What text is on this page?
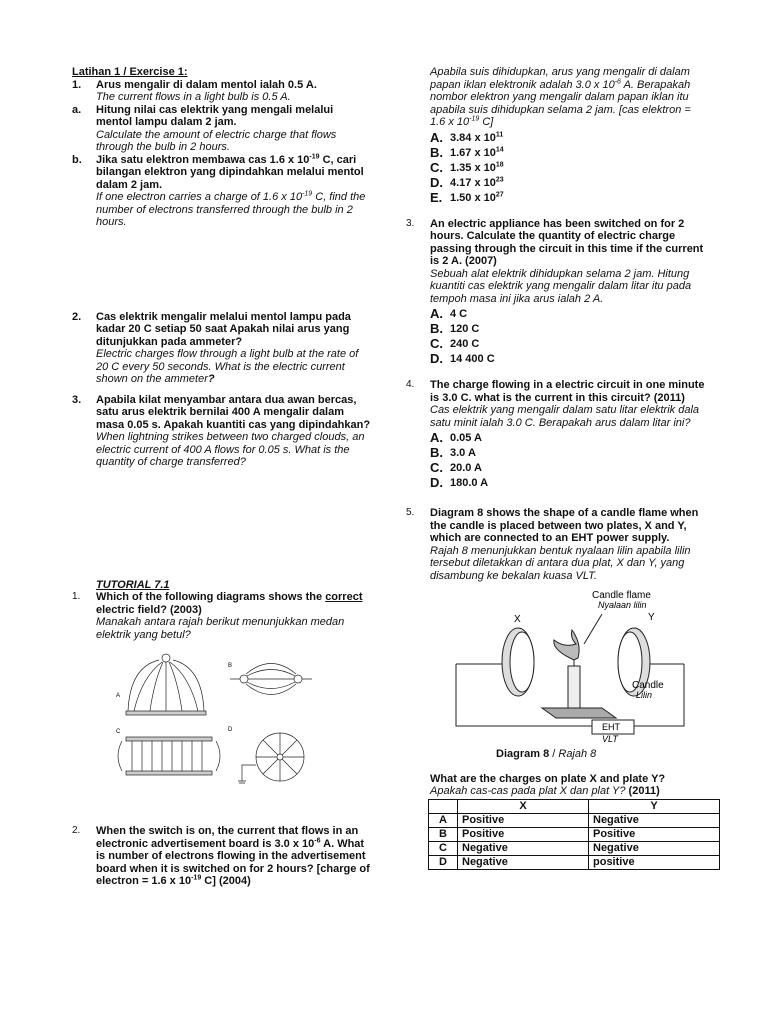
Latihan 1 / Exercise 1:
1.	Arus mengalir di dalam mentol ialah 0.5 A.
The current flows in a light bulb is 0.5 A.
a.	Hitung nilai cas elektrik yang mengali melalui mentol lampu dalam 2 jam.
Calculate the amount of electric charge that flows through the bulb in 2 hours.
b.	Jika satu elektron membawa cas 1.6 x $10^{-19}$ C, cari bilangan elektron yang dipindahkan melalui mentol dalam 2 jam.
If one electron carries a charge of 1.6 x $10^{-19}$ C, find the number of electrons transferred through the bulb in 2 hours.
2.	Cas elektrik mengalir melalui mentol lampu pada kadar 20 C setiap 50 saat Apakah nilai arus yang ditunjukkan pada ammeter?
Electric charges flow through a light bulb at the rate of 20 C every 50 seconds. What is the electric current shown on the ammeter?
3.	Apabila kilat menyambar antara dua awan bercas, satu arus elektrik bernilai 400 A mengalir dalam masa 0.05 s. Apakah kuantiti cas yang dipindahkan?
When lightning strikes between two charged clouds, an electric current of 400 A flows for 0.05 s. What is the quantity of charge transferred?
TUTORIAL 7.1
1.	Which of the following diagrams shows the correct electric field? (2003)
Manakah antara rajah berikut menunjukkan medan elektrik yang betul?
A
B
C	D
2.	When the switch is on, the current that flows in an electronic advertisement board is 3.0 x $10^{-6}$ A. What is number of electrons flowing in the advertisement board when it is switched on for 2 hours? [charge of electron = 1.6 x $10^{-19}$ C] (2004)
Apabila suis dihidupkan, arus yang mengalir di dalam papan iklan elektronik adalah 3.0 x $10^{-6}$ A. Berapakah nombor elektron yang mengalir dalam papan iklan itu apabila suis dihidupkan selama 2 jam. [cas elektron = 1.6 x $10^{-19}$ C]
A. 3.84 x $10^{11}$
B. 1.67 x $10^{14}$
C. 1.35 x $10^{18}$
D. 4.17 x $10^{23}$
E. 1.50 x $10^{27}$
3.	An electric appliance has been switched on for 2 hours. Calculate the quantity of electric charge passing through the circuit in this time if the current is 2 A. (2007)
Sebuah alat elektrik dihidupkan selama 2 jam. Hitung kuantiti cas elektrik yang mengalir dalam litar itu pada tempoh masa ini jika arus ialah 2 A.
A. 4 C
B. 120 C
C. 240 C
D. 14 400 C
4.	The charge flowing in a electric circuit in one minute is 3.0 C. what is the current in this circuit? (2011)
Cas elektrik yang mengalir dalam satu litar elektrik dala satu minit ialah 3.0 C. Berapakah arus dalam litar ini?
A. 0.05 A
B. 3.0 A
C. 20.0 A
D. 180.0 A
5.	Diagram 8 shows the shape of a candle flame when the candle is placed between two plates, X and Y, which are connected to an EHT power supply.
Rajah 8 menunjukkan bentuk nyalaan lilin apabila lilin tersebut diletakkan di antara dua plat, X dan Y, yang disambung ke bekalan kuasa VLT.
Candle flame
Nyalaan lilin
X	Y
Candle
Lilin
EHT
VLT
Diagram 8 / Rajah 8
What are the charges on plate X and plate Y?
Apakah cas-cas pada plat X dan plat Y? (2011)
	X	Y
A	Positive	Negative
B	Positive	Positive
C	Negative	Negative
D	Negative	positive
